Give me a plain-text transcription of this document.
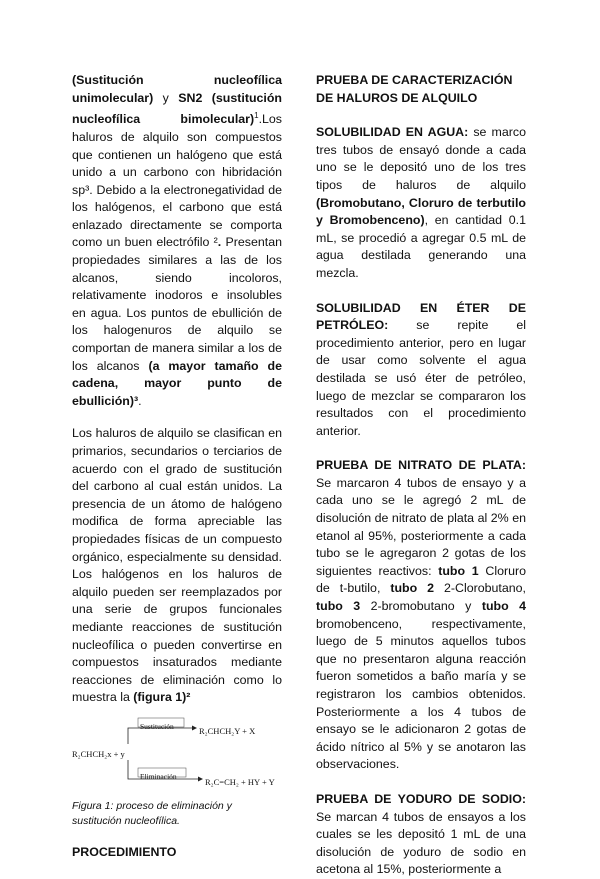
(Sustitución nucleofílica unimolecular) y SN2 (sustitución nucleofílica bimolecular)$^1$.Los haluros de alquilo son compuestos que contienen un halógeno que está unido a un carbono con hibridación sp³. Debido a la electronegatividad de los halógenos, el carbono que está enlazado directamente se comporta como un buen electrófilo ². Presentan propiedades similares a las de los alcanos, siendo incoloros, relativamente inodoros e insolubles en agua. Los puntos de ebullición de los halogenuros de alquilo se comportan de manera similar a los de los alcanos (a mayor tamaño de cadena, mayor punto de ebullición)³.

Los haluros de alquilo se clasifican en primarios, secundarios o terciarios de acuerdo con el grado de sustitución del carbono al cual están unidos. La presencia de un átomo de halógeno modifica de forma apreciable las propiedades físicas de un compuesto orgánico, especialmente su densidad. Los halógenos en los haluros de alquilo pueden ser reemplazados por una serie de grupos funcionales mediante reacciones de sustitución nucleofílica o pueden convertirse en compuestos insaturados mediante reacciones de eliminación como lo muestra la (figura 1)²

R₂CHCH₂x + y
Sustitución	R₂CHCH₂Y + X
Eliminación
R₂C=CH₂ + HY + Y

Figura 1: proceso de eliminación y sustitución nucleofílica.

PROCEDIMIENTO
PRUEBA DE CARACTERIZACIÓN DE HALUROS DE ALQUILO

SOLUBILIDAD EN AGUA: se marco tres tubos de ensayó donde a cada uno se le depositó uno de los tres tipos de haluros de alquilo (Bromobutano, Cloruro de terbutilo y Bromobenceno), en cantidad 0.1 mL, se procedió a agregar 0.5 mL de agua destilada generando una mezcla.

SOLUBILIDAD EN ÉTER DE PETRÓLEO: se repite el procedimiento anterior, pero en lugar de usar como solvente el agua destilada se usó éter de petróleo, luego de mezclar se compararon los resultados con el procedimiento anterior.

PRUEBA DE NITRATO DE PLATA: Se marcaron 4 tubos de ensayo y a cada uno se le agregó 2 mL de disolución de nitrato de plata al 2% en etanol al 95%, posteriormente a cada tubo se le agregaron 2 gotas de los siguientes reactivos: tubo 1 Cloruro de t-butilo, tubo 2 2-Clorobutano, tubo 3 2-bromobutano y tubo 4 bromobenceno, respectivamente, luego de 5 minutos aquellos tubos que no presentaron alguna reacción fueron sometidos a baño maría y se registraron los cambios obtenidos. Posteriormente a los 4 tubos de ensayo se le adicionaron 2 gotas de ácido nítrico al 5% y se anotaron las observaciones.

PRUEBA DE YODURO DE SODIO: Se marcan 4 tubos de ensayos a los cuales se les depositó 1 mL de una disolución de yoduro de sodio en acetona al 15%, posteriormente a
